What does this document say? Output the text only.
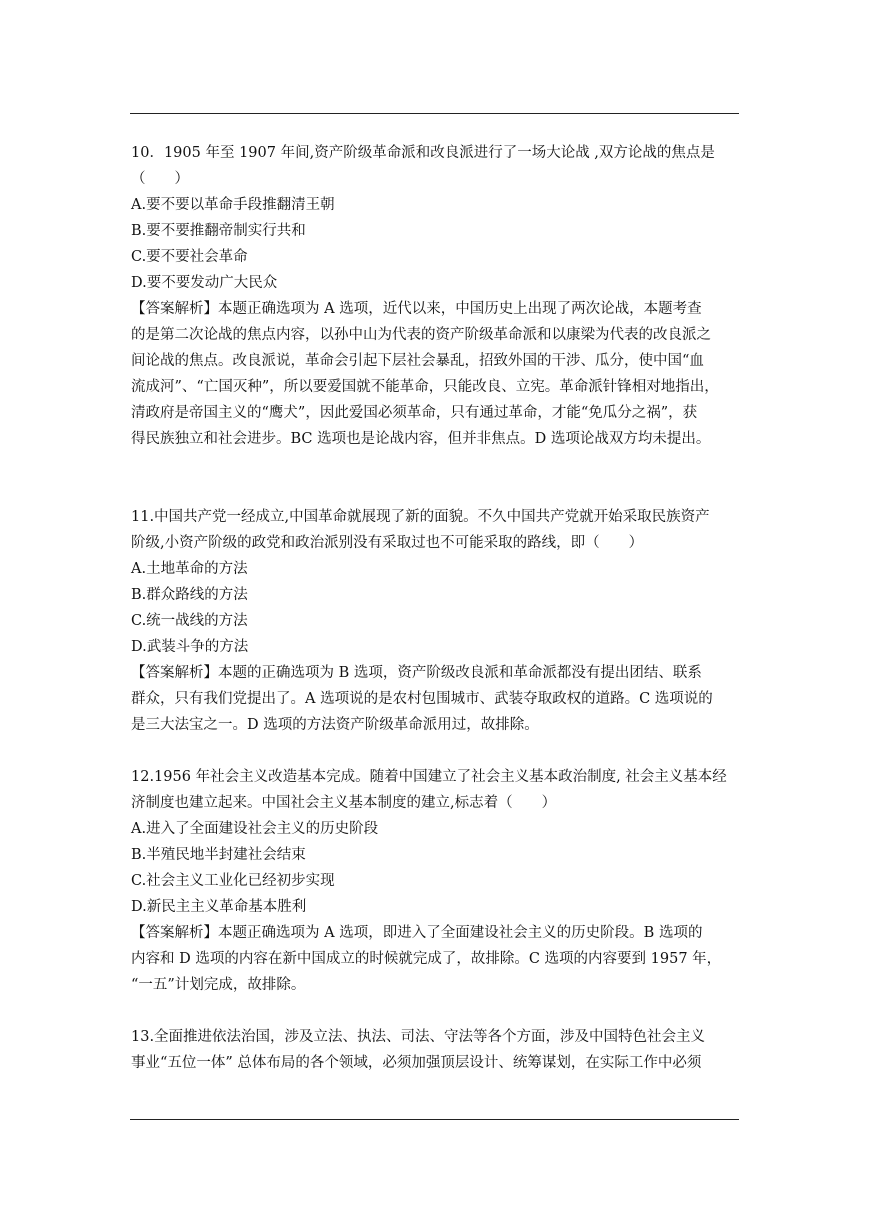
10．1905 年至 1907 年间,资产阶级革命派和改良派进行了一场大论战 ,双方论战的焦点是
（　　）
A.要不要以革命手段推翻清王朝
B.要不要推翻帝制实行共和
C.要不要社会革命
D.要不要发动广大民众
【答案解析】本题正确选项为 A 选项，近代以来，中国历史上出现了两次论战，本题考查
的是第二次论战的焦点内容，以孙中山为代表的资产阶级革命派和以康梁为代表的改良派之
间论战的焦点。改良派说，革命会引起下层社会暴乱，招致外国的干涉、瓜分，使中国“血
流成河”、“亡国灭种”，所以要爱国就不能革命，只能改良、立宪。革命派针锋相对地指出，
清政府是帝国主义的“鹰犬”，因此爱国必须革命，只有通过革命，才能“免瓜分之祸”，获
得民族独立和社会进步。BC 选项也是论战内容，但并非焦点。D 选项论战双方均未提出。
11.中国共产党一经成立,中国革命就展现了新的面貌。不久中国共产党就开始采取民族资产
阶级,小资产阶级的政党和政治派别没有采取过也不可能采取的路线，即（　　）
A.土地革命的方法
B.群众路线的方法
C.统一战线的方法
D.武装斗争的方法
【答案解析】本题的正确选项为 B 选项，资产阶级改良派和革命派都没有提出团结、联系
群众，只有我们党提出了。A 选项说的是农村包围城市、武装夺取政权的道路。C 选项说的
是三大法宝之一。D 选项的方法资产阶级革命派用过，故排除。
12.1956 年社会主义改造基本完成。随着中国建立了社会主义基本政治制度, 社会主义基本经
济制度也建立起来。中国社会主义基本制度的建立,标志着（　　）
A.进入了全面建设社会主义的历史阶段
B.半殖民地半封建社会结束
C.社会主义工业化已经初步实现
D.新民主主义革命基本胜利
【答案解析】本题正确选项为 A 选项，即进入了全面建设社会主义的历史阶段。B 选项的
内容和 D 选项的内容在新中国成立的时候就完成了，故排除。C 选项的内容要到 1957 年，
“一五”计划完成，故排除。
13.全面推进依法治国，涉及立法、执法、司法、守法等各个方面，涉及中国特色社会主义
事业“五位一体” 总体布局的各个领域，必须加强顶层设计、统筹谋划，在实际工作中必须
